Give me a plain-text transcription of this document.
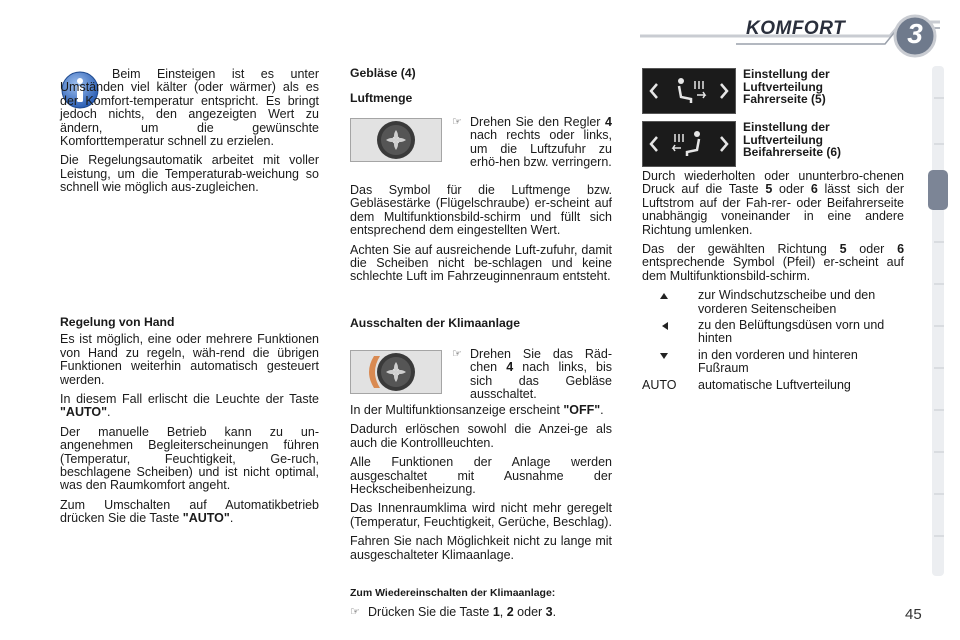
KOMFORT	3

Beim Einsteigen ist es unter Umständen viel kälter (oder wärmer) als es der Komfort-temperatur entspricht. Es bringt jedoch nichts, den angezeigten Wert zu ändern, um die gewünschte Komforttemperatur schnell zu erzielen.

Die Regelungsautomatik arbeitet mit voller Leistung, um die Temperaturab-weichung so schnell wie möglich aus-zugleichen.

Regelung von Hand

Es ist möglich, eine oder mehrere Funktionen von Hand zu regeln, wäh-rend die übrigen Funktionen weiterhin automatisch gesteuert werden.

In diesem Fall erlischt die Leuchte der Taste "AUTO".

Der manuelle Betrieb kann zu un-angenehmen Begleiterscheinungen führen (Temperatur, Feuchtigkeit, Ge-ruch, beschlagene Scheiben) und ist nicht optimal, was den Raumkomfort angeht.

Zum Umschalten auf Automatikbetrieb drücken Sie die Taste "AUTO".

Gebläse (4)

Luftmenge

☞ Drehen Sie den Regler 4 nach rechts oder links, um die Luftzufuhr zu erhö-hen bzw. verringern.

Das Symbol für die Luftmenge bzw. Gebläsestärke (Flügelschraube) er-scheint auf dem Multifunktionsbild-schirm und füllt sich entsprechend dem eingestellten Wert.

Achten Sie auf ausreichende Luft-zufuhr, damit die Scheiben nicht be-schlagen und keine schlechte Luft im Fahrzeuginnenraum entsteht.

Ausschalten der Klimaanlage

☞ Drehen Sie das Räd-chen 4 nach links, bis sich das Gebläse ausschaltet.

In der Multifunktionsanzeige erscheint "OFF".

Dadurch erlöschen sowohl die Anzei-ge als auch die Kontrollleuchten.

Alle Funktionen der Anlage werden ausgeschaltet mit Ausnahme der Heckscheibenheizung.

Das Innenraumklima wird nicht mehr geregelt (Temperatur, Feuchtigkeit, Gerüche, Beschlag).

Fahren Sie nach Möglichkeit nicht zu lange mit ausgeschalteter Klimaanlage.

Zum Wiedereinschalten der Klimaanlage:

☞ Drücken Sie die Taste 1, 2 oder 3.

Einstellung der Luftverteilung Fahrerseite (5)
Einstellung der Luftverteilung Beifahrerseite (6)

Durch wiederholten oder ununterbro-chenen Druck auf die Taste 5 oder 6 lässt sich der Luftstrom auf der Fah-rer- oder Beifahrerseite unabhängig voneinander in eine andere Richtung umlenken.

Das der gewählten Richtung 5 oder 6 entsprechende Symbol (Pfeil) er-scheint auf dem Multifunktionsbild-schirm.

zur Windschutzscheibe und den vorderen Seitenscheiben
zu den Belüftungsdüsen vorn und hinten
in den vorderen und hinteren Fußraum
AUTO	automatische Luftverteilung
45
